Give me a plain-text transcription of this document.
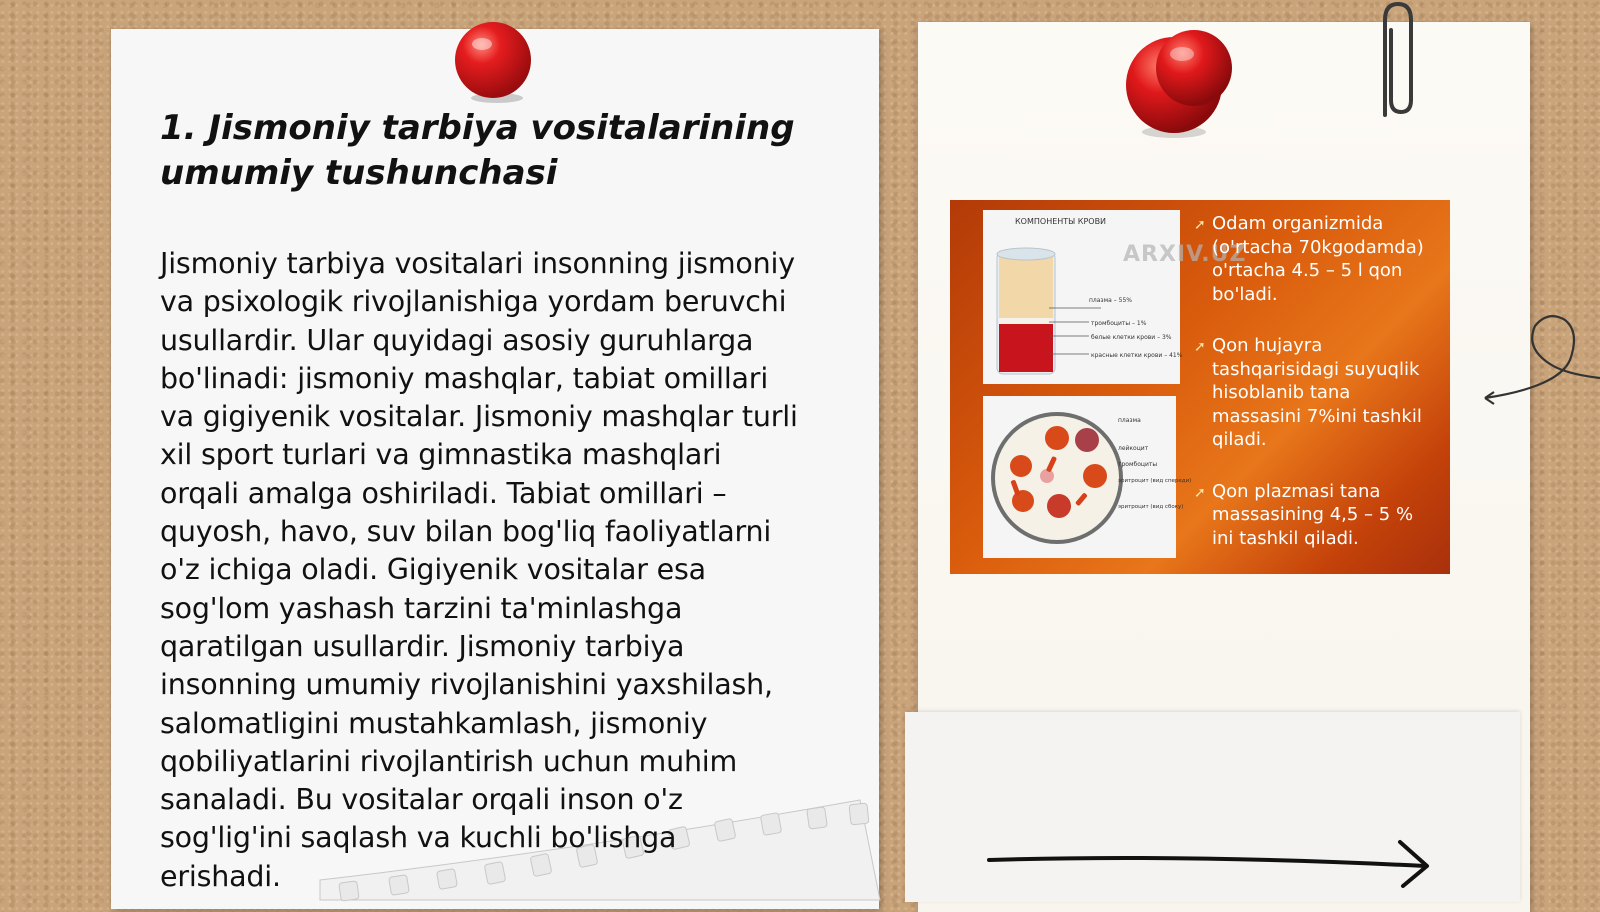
1. Jismoniy tarbiya vositalarining
umumiy tushunchasi

Jismoniy tarbiya vositalari insonning jismoniy
va psixologik rivojlanishiga yordam beruvchi
usullardir. Ular quyidagi asosiy guruhlarga
bo'linadi: jismoniy mashqlar, tabiat omillari
va gigiyenik vositalar. Jismoniy mashqlar turli
xil sport turlari va gimnastika mashqlari
orqali amalga oshiriladi. Tabiat omillari –
quyosh, havo, suv bilan bog'liq faoliyatlarni
o'z ichiga oladi. Gigiyenik vositalar esa
sog'lom yashash tarzini ta'minlashga
qaratilgan usullardir. Jismoniy tarbiya
insonning umumiy rivojlanishini yaxshilash,
salomatligini mustahkamlash, jismoniy
qobiliyatlarini rivojlantirish uchun muhim
sanaladi. Bu vositalar orqali inson o'z
sog'lig'ini saqlash va kuchli bo'lishga
erishadi.

КОМПОНЕНТЫ КРОВИ
плазма – 55%
тромбоциты – 1%
белые клетки крови – 3%
красные клетки крови – 41%
ARXIV.UZ
плазма
лейкоцит
тромбоциты
эритроцит (вид спереди)
эритроцит (вид сбоку)
➚ Odam organizmida
(o'rtacha 70kgodamda)
o'rtacha 4.5 – 5 l qon
bo'ladi.
➚ Qon hujayra
tashqarisidagi suyuqlik
hisoblanib tana
massasini 7%ini tashkil
qiladi.
➚ Qon plazmasi tana
massasining 4,5 – 5 %
ini tashkil qiladi.
